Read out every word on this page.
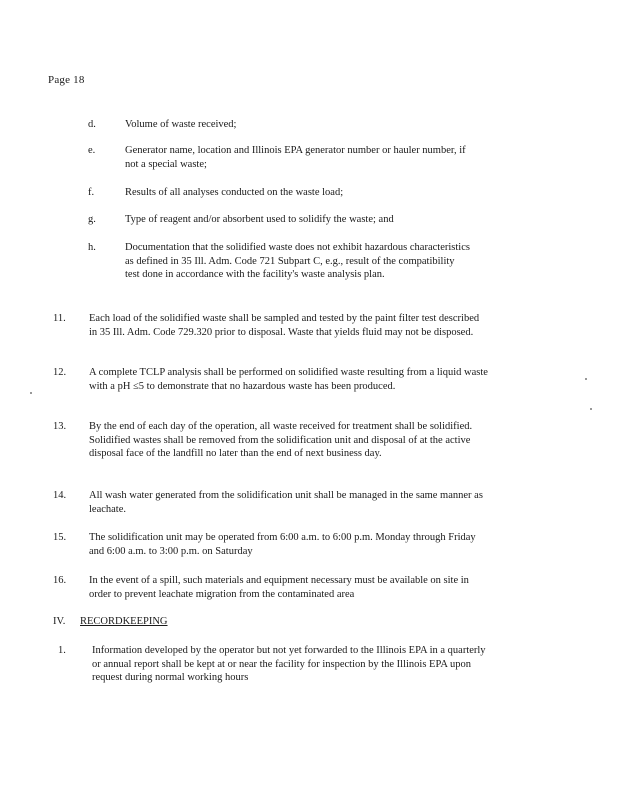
Page 18
d.	Volume of waste received;
e.	Generator name, location and Illinois EPA generator number or hauler number, if not a special waste;
f.	Results of all analyses conducted on the waste load;
g.	Type of reagent and/or absorbent used to solidify the waste; and
h.	Documentation that the solidified waste does not exhibit hazardous characteristics as defined in 35 Ill. Adm. Code 721 Subpart C, e.g., result of the compatibility test done in accordance with the facility's waste analysis plan.
11. Each load of the solidified waste shall be sampled and tested by the paint filter test described in 35 Ill. Adm. Code 729.320 prior to disposal. Waste that yields fluid may not be disposed.
12. A complete TCLP analysis shall be performed on solidified waste resulting from a liquid waste with a pH ≤5 to demonstrate that no hazardous waste has been produced.
13. By the end of each day of the operation, all waste received for treatment shall be solidified. Solidified wastes shall be removed from the solidification unit and disposal of at the active disposal face of the landfill no later than the end of next business day.
14. All wash water generated from the solidification unit shall be managed in the same manner as leachate.
15. The solidification unit may be operated from 6:00 a.m. to 6:00 p.m. Monday through Friday and 6:00 a.m. to 3:00 p.m. on Saturday
16. In the event of a spill, such materials and equipment necessary must be available on site in order to prevent leachate migration from the contaminated area
IV. RECORDKEEPING
1. Information developed by the operator but not yet forwarded to the Illinois EPA in a quarterly or annual report shall be kept at or near the facility for inspection by the Illinois EPA upon request during normal working hours
